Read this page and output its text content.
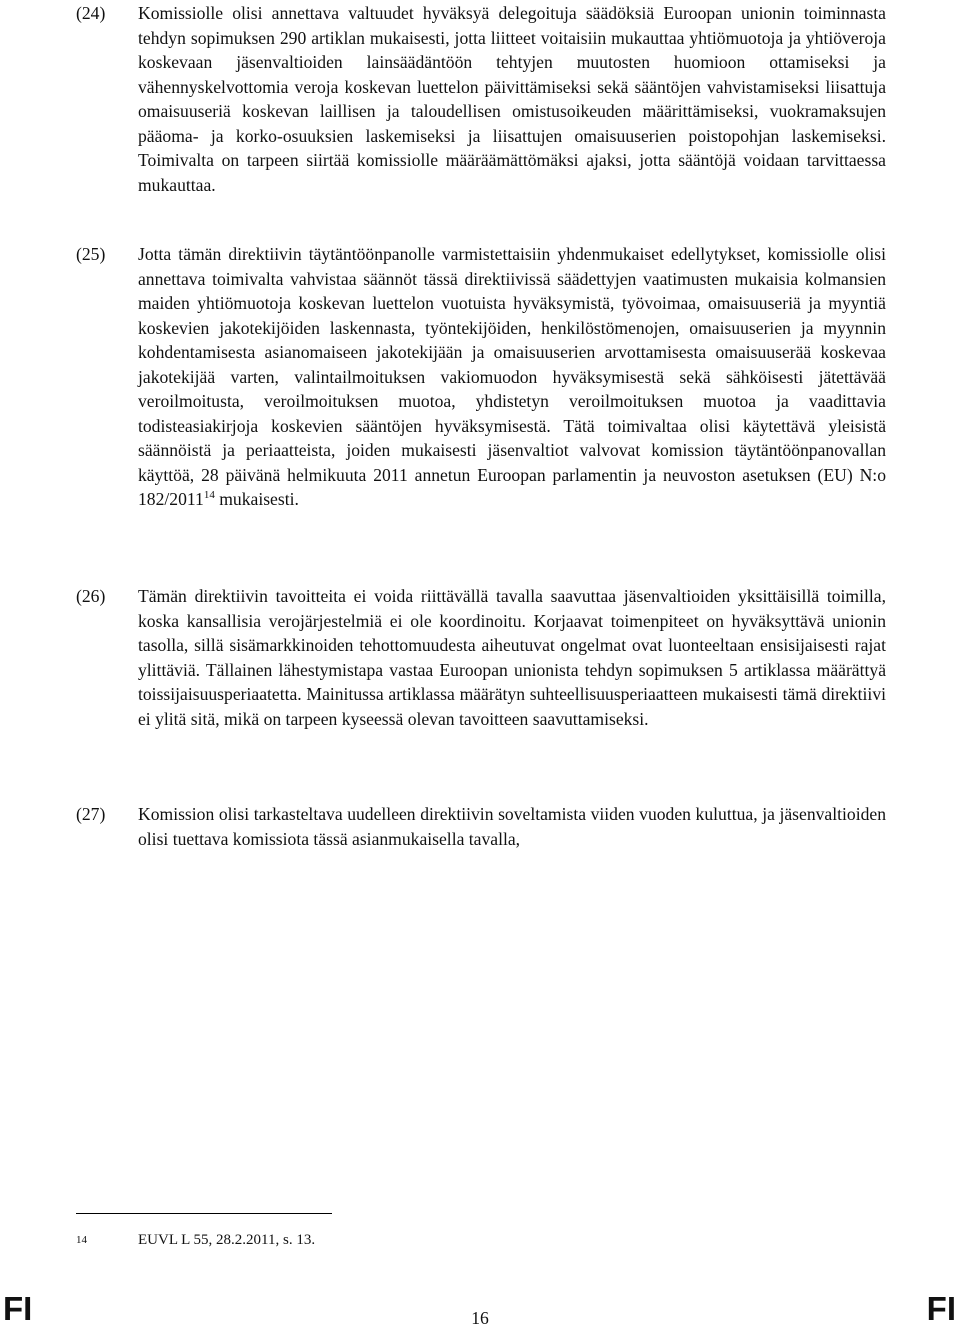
(24) Komissiolle olisi annettava valtuudet hyväksyä delegoituja säädöksiä Euroopan unionin toiminnasta tehdyn sopimuksen 290 artiklan mukaisesti, jotta liitteet voitaisiin mukauttaa yhtiömuotoja ja yhtiöveroja koskevaan jäsenvaltioiden lainsäädäntöön tehtyjen muutosten huomioon ottamiseksi ja vähennyskelvottomia veroja koskevan luettelon päivittämiseksi sekä sääntöjen vahvistamiseksi liisattuja omaisuuseriä koskevan laillisen ja taloudellisen omistusoikeuden määrittämiseksi, vuokramaksujen pääoma- ja korko-osuuksien laskemiseksi ja liisattujen omaisuuserien poistopohjan laskemiseksi. Toimivalta on tarpeen siirtää komissiolle määräämättömäksi ajaksi, jotta sääntöjä voidaan tarvittaessa mukauttaa.
(25) Jotta tämän direktiivin täytäntöönpanolle varmistettaisiin yhdenmukaiset edellytykset, komissiolle olisi annettava toimivalta vahvistaa säännöt tässä direktiivissä säädettyjen vaatimusten mukaisia kolmansien maiden yhtiömuotoja koskevan luettelon vuotuista hyväksymistä, työvoimaa, omaisuuseriä ja myyntiä koskevien jakotekijöiden laskennasta, työntekijöiden, henkilöstömenojen, omaisuuserien ja myynnin kohdentamisesta asianomaiseen jakotekijään ja omaisuuserien arvottamisesta omaisuuserää koskevaa jakotekijää varten, valintailmoituksen vakiomuodon hyväksymisestä sekä sähköisesti jätettävää veroilmoitusta, veroilmoituksen muotoa, yhdistetyn veroilmoituksen muotoa ja vaadittavia todisteasiakirjoja koskevien sääntöjen hyväksymisestä. Tätä toimivaltaa olisi käytettävä yleisistä säännöistä ja periaatteista, joiden mukaisesti jäsenvaltiot valvovat komission täytäntöönpanovallan käyttöä, 28 päivänä helmikuuta 2011 annetun Euroopan parlamentin ja neuvoston asetuksen (EU) N:o 182/2011$^{14}$ mukaisesti.
(26) Tämän direktiivin tavoitteita ei voida riittävällä tavalla saavuttaa jäsenvaltioiden yksittäisillä toimilla, koska kansallisia verojärjestelmiä ei ole koordinoitu. Korjaavat toimenpiteet on hyväksyttävä unionin tasolla, sillä sisämarkkinoiden tehottomuudesta aiheutuvat ongelmat ovat luonteeltaan ensisijaisesti rajat ylittäviä. Tällainen lähestymistapa vastaa Euroopan unionista tehdyn sopimuksen 5 artiklassa määrättyä toissijaisuusperiaatetta. Mainitussa artiklassa määrätyn suhteellisuusperiaatteen mukaisesti tämä direktiivi ei ylitä sitä, mikä on tarpeen kyseessä olevan tavoitteen saavuttamiseksi.
(27) Komission olisi tarkasteltava uudelleen direktiivin soveltamista viiden vuoden kuluttua, ja jäsenvaltioiden olisi tuettava komissiota tässä asianmukaisella tavalla,
14	EUVL L 55, 28.2.2011, s. 13.
FI	16	FI
